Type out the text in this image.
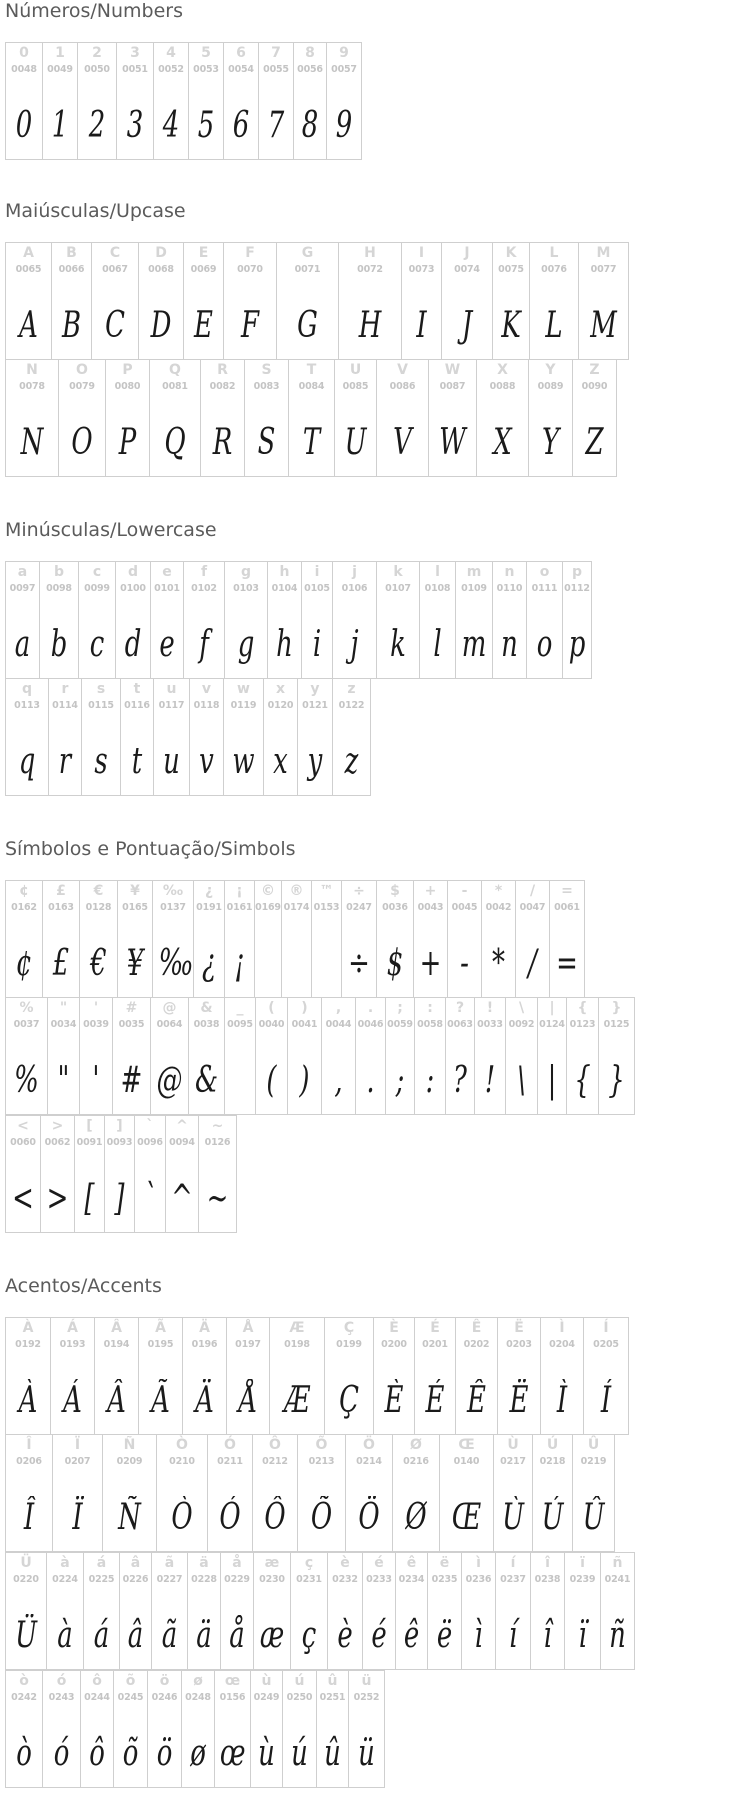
Números/Numbers
0
0048
0
1
0049
1
2
0050
2
3
0051
3
4
0052
4
5
0053
5
6
0054
6
7
0055
7
8
0056
8
9
0057
9
Maiúsculas/Upcase
A
0065
A
B
0066
B
C
0067
C
D
0068
D
E
0069
E
F
0070
F
G
0071
G
H
0072
H
I
0073
I
J
0074
J
K
0075
K
L
0076
L
M
0077
M
N
0078
N
O
0079
O
P
0080
P
Q
0081
Q
R
0082
R
S
0083
S
T
0084
T
U
0085
U
V
0086
V
W
0087
W
X
0088
X
Y
0089
Y
Z
0090
Z
Minúsculas/Lowercase
a
0097
a
b
0098
b
c
0099
c
d
0100
d
e
0101
e
f
0102
f
g
0103
g
h
0104
h
i
0105
i
j
0106
j
k
0107
k
l
0108
l
m
0109
m
n
0110
n
o
0111
o
p
0112
p
q
0113
q
r
0114
r
s
0115
s
t
0116
t
u
0117
u
v
0118
v
w
0119
w
x
0120
x
y
0121
y
z
0122
z
Símbolos e Pontuação/Simbols
¢
0162
¢
£
0163
£
€
0128
€
¥
0165
¥
‰
0137
‰
¿
0191
¿
¡
0161
¡
©
0169
®
0174
™
0153
÷
0247
÷
$
0036
$
+
0043
+
-
0045
-
*
0042
*
/
0047
/
=
0061
=
%
0037
%
"
0034
"
'
0039
'
#
0035
#
@
0064
@
&
0038
&
_
0095
(
0040
(
)
0041
)
,
0044
,
.
0046
.
;
0059
;
:
0058
:
?
0063
?
!
0033
!
\
0092
\
|
0124
|
{
0123
{
}
0125
}
<
0060
<
>
0062
>
[
0091
[
]
0093
]
`
0096
`
^
0094
^
~
0126
~
Acentos/Accents
À
0192
À
Á
0193
Á
Â
0194
Â
Ã
0195
Ã
Ä
0196
Ä
Å
0197
Å
Æ
0198
Æ
Ç
0199
Ç
È
0200
È
É
0201
É
Ê
0202
Ê
Ë
0203
Ë
Ì
0204
Ì
Í
0205
Í
Î
0206
Î
Ï
0207
Ï
Ñ
0209
Ñ
Ò
0210
Ò
Ó
0211
Ó
Ô
0212
Ô
Õ
0213
Õ
Ö
0214
Ö
Ø
0216
Ø
Œ
0140
Œ
Ù
0217
Ù
Ú
0218
Ú
Û
0219
Û
Ü
0220
Ü
à
0224
à
á
0225
á
â
0226
â
ã
0227
ã
ä
0228
ä
å
0229
å
æ
0230
æ
ç
0231
ç
è
0232
è
é
0233
é
ê
0234
ê
ë
0235
ë
ì
0236
ì
í
0237
í
î
0238
î
ï
0239
ï
ñ
0241
ñ
ò
0242
ò
ó
0243
ó
ô
0244
ô
õ
0245
õ
ö
0246
ö
ø
0248
ø
œ
0156
œ
ù
0249
ù
ú
0250
ú
û
0251
û
ü
0252
ü
